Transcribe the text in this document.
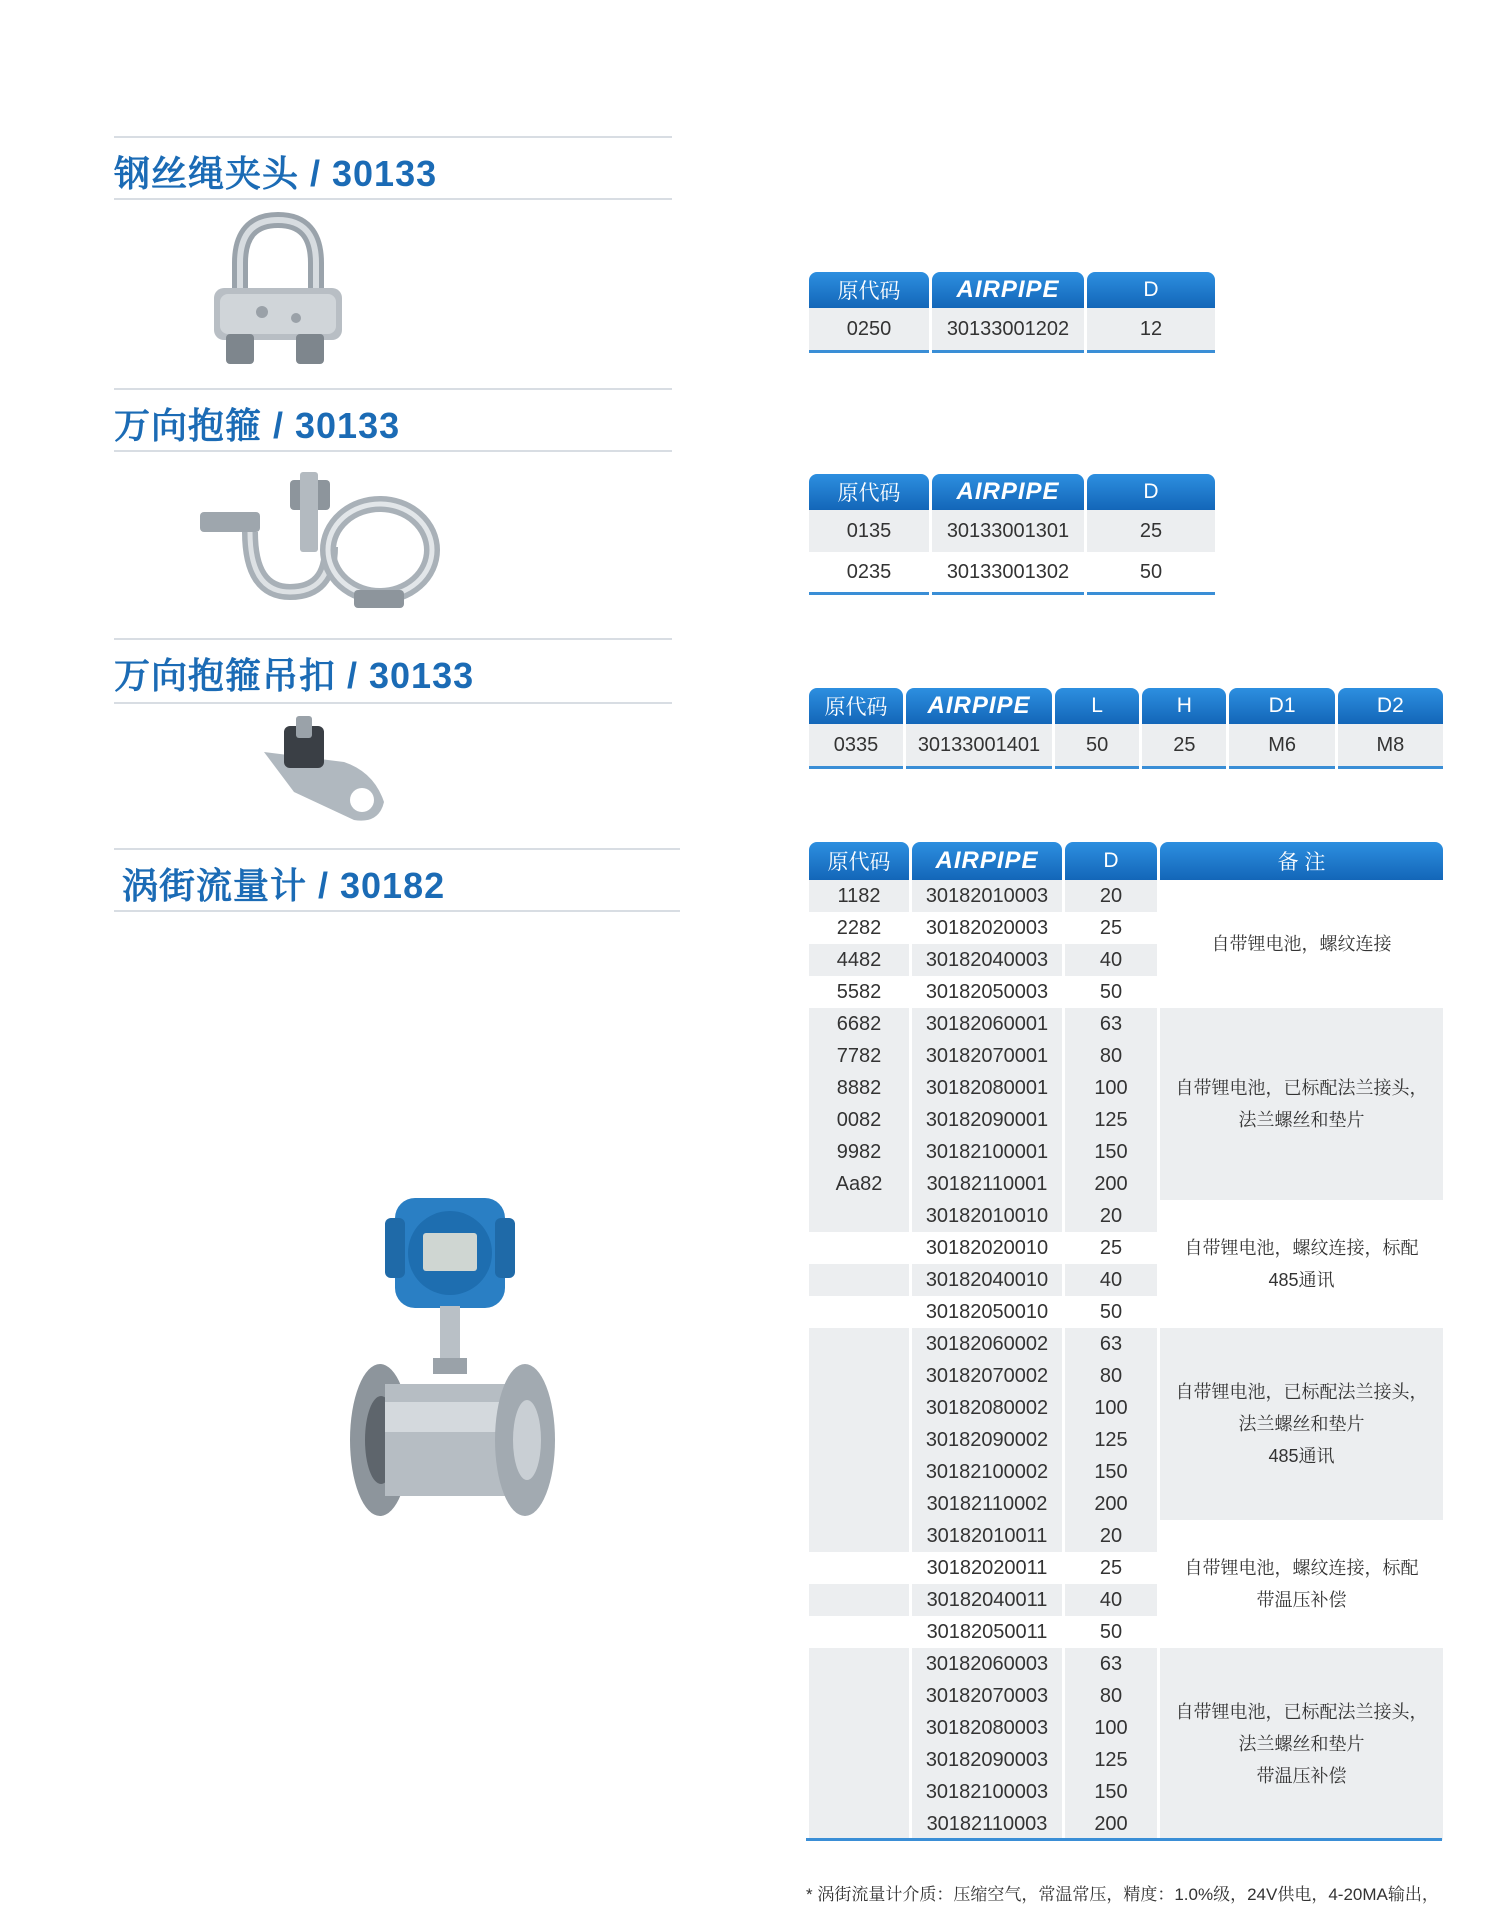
钢丝绳夹头 / 30133
万向抱箍 / 30133
万向抱箍吊扣 / 30133
涡街流量计 / 30182
原代码	AIRPIPE	D
0250	30133001202	12
原代码	AIRPIPE	D
0135	30133001301	25
0235	30133001302	50
原代码	AIRPIPE	L	H	D1	D2
0335	30133001401	50	25	M6	M8
原代码	AIRPIPE	D	备 注
1182	30182010003	20	自带锂电池，螺纹连接

2282	30182020003	25	
4482	30182040003	40	
5582	30182050003	50	
6682	30182060001	63	自带锂电池，已标配法兰接头，
法兰螺丝和垫片

7782	30182070001	80	
8882	30182080001	100	
0082	30182090001	125	
9982	30182100001	150	
Aa82	30182110001	200	
	30182010010	20	自带锂电池，螺纹连接，标配
485通讯

	30182020010	25	
	30182040010	40	
	30182050010	50	
	30182060002	63	自带锂电池，已标配法兰接头，
法兰螺丝和垫片
485通讯

	30182070002	80	
	30182080002	100	
	30182090002	125	
	30182100002	150	
	30182110002	200	
	30182010011	20	自带锂电池，螺纹连接，标配
带温压补偿

	30182020011	25	
	30182040011	40	
	30182050011	50	
	30182060003	63	自带锂电池，已标配法兰接头，
法兰螺丝和垫片
带温压补偿

	30182070003	80	
	30182080003	100	
	30182090003	125	
	30182100003	150	
	30182110003	200	
* 涡街流量计介质：压缩空气，常温常压，精度：1.0%级，24V供电，4-20MA输出，
